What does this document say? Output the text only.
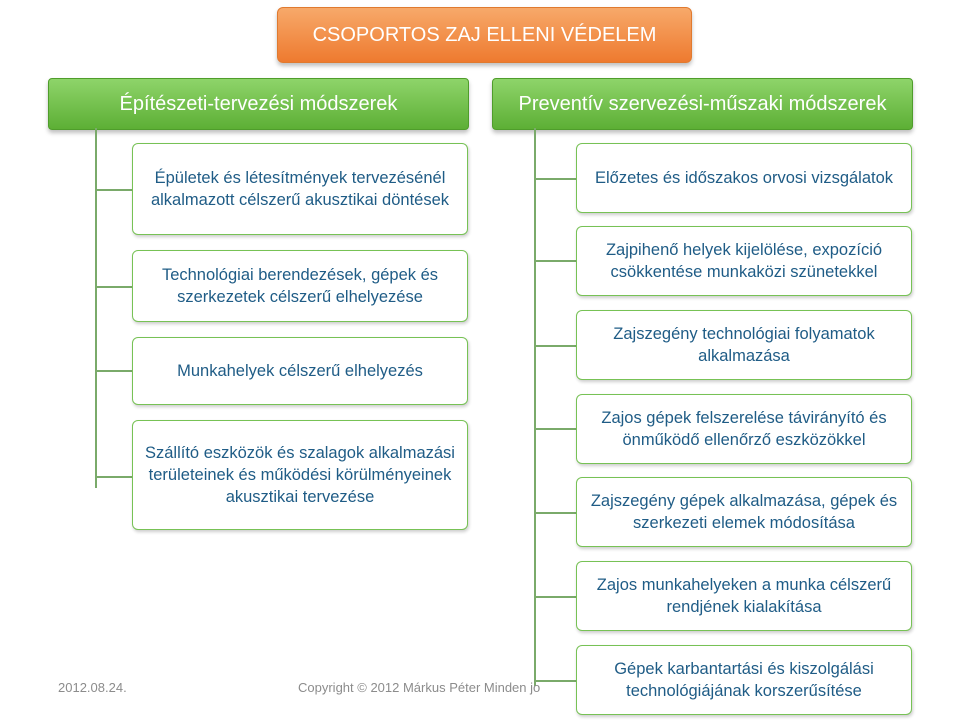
CSOPORTOS ZAJ ELLENI VÉDELEM
Építészeti-tervezési módszerek	Preventív szervezési-műszaki módszerek
Épületek és létesítmények tervezésénél alkalmazott célszerű akusztikai döntések
Technológiai berendezések, gépek és szerkezetek célszerű elhelyezése
Munkahelyek célszerű elhelyezés
Szállító eszközök és szalagok alkalmazási területeinek és működési körülményeinek akusztikai tervezése
Előzetes és időszakos orvosi vizsgálatok
Zajpihenő helyek kijelölése, expozíció csökkentése munkaközi szünetekkel
Zajszegény technológiai folyamatok alkalmazása
Zajos gépek felszerelése távirányító és önműködő ellenőrző eszközökkel
Zajszegény gépek alkalmazása, gépek és szerkezeti elemek módosítása
2012.08.24.	Copyright © 2012 Márkus Péter Minden jo
Zajos munkahelyeken a munka célszerű rendjének kialakítása
Gépek karbantartási és kiszolgálási technológiájának korszerűsítése
